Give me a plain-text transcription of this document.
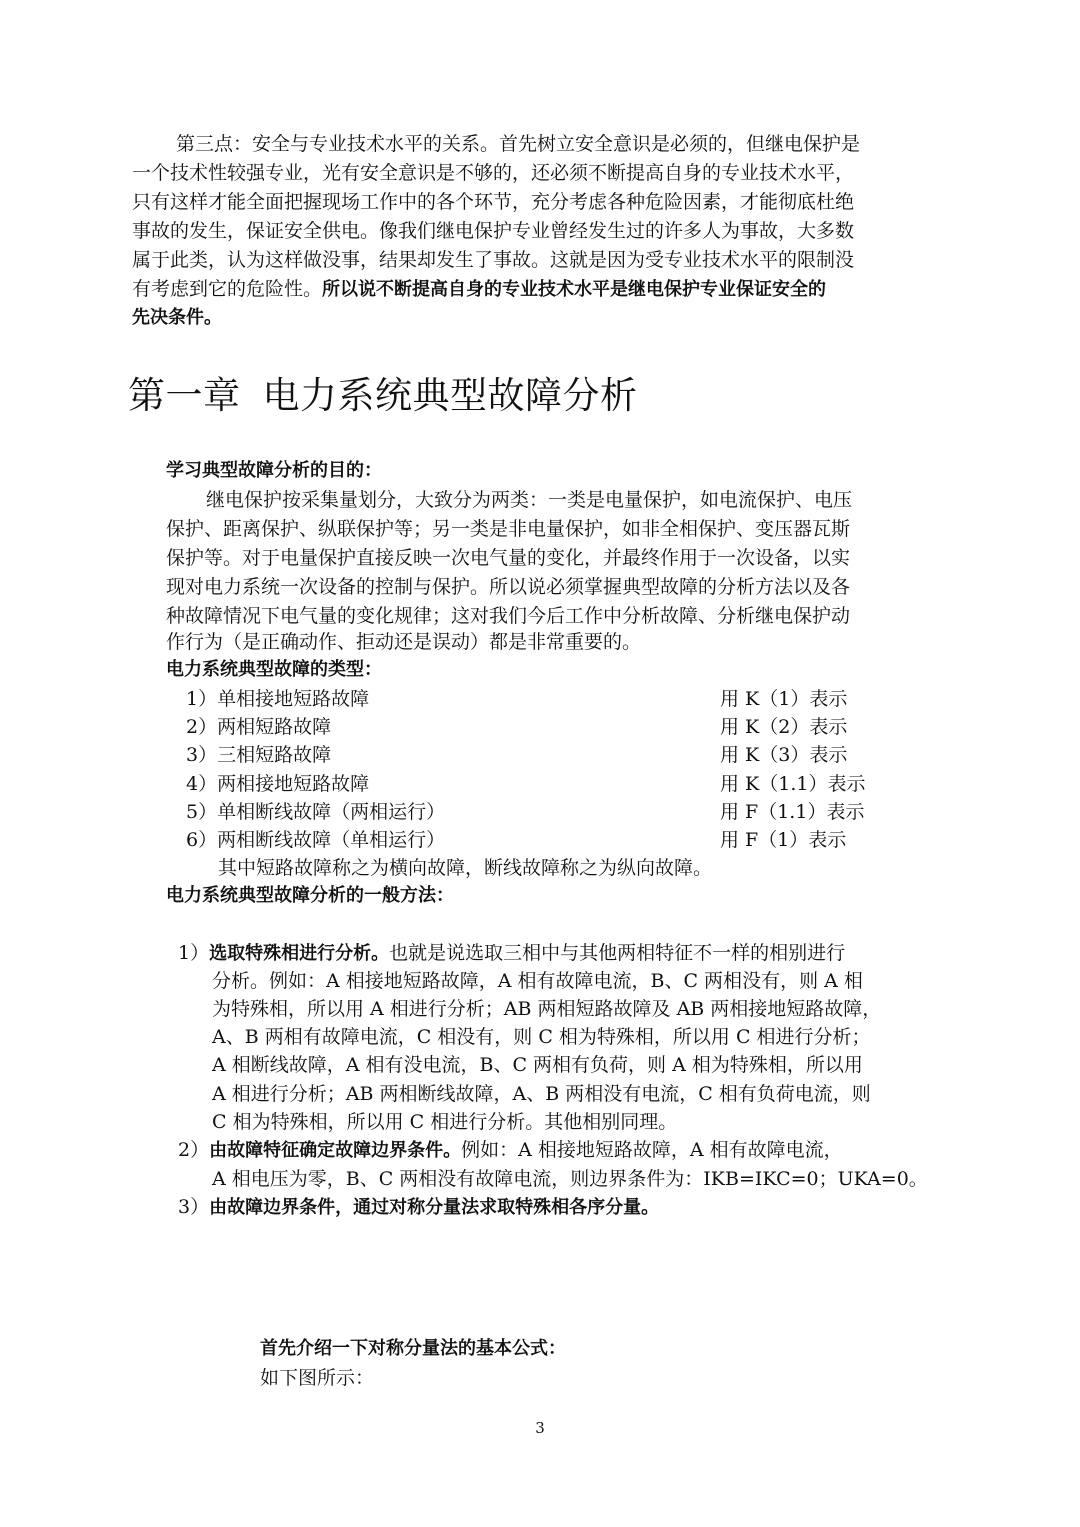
第三点：安全与专业技术水平的关系。首先树立安全意识是必须的，但继电保护是
一个技术性较强专业，光有安全意识是不够的，还必须不断提高自身的专业技术水平，
只有这样才能全面把握现场工作中的各个环节，充分考虑各种危险因素，才能彻底杜绝
事故的发生，保证安全供电。像我们继电保护专业曾经发生过的许多人为事故，大多数
属于此类，认为这样做没事，结果却发生了事故。这就是因为受专业技术水平的限制没
有考虑到它的危险性。所以说不断提高自身的专业技术水平是继电保护专业保证安全的
先决条件。
第一章 电力系统典型故障分析
学习典型故障分析的目的：
继电保护按采集量划分，大致分为两类：一类是电量保护，如电流保护、电压
保护、距离保护、纵联保护等；另一类是非电量保护，如非全相保护、变压器瓦斯
保护等。对于电量保护直接反映一次电气量的变化，并最终作用于一次设备，以实
现对电力系统一次设备的控制与保护。所以说必须掌握典型故障的分析方法以及各
种故障情况下电气量的变化规律；这对我们今后工作中分析故障、分析继电保护动
作行为（是正确动作、拒动还是误动）都是非常重要的。
电力系统典型故障的类型：
1）单相接地短路故障	用 K（1）表示
2）两相短路故障	用 K（2）表示
3）三相短路故障	用 K（3）表示
4）两相接地短路故障	用 K（1.1）表示
5）单相断线故障（两相运行）	用 F（1.1）表示
6）两相断线故障（单相运行）	用 F（1）表示
其中短路故障称之为横向故障，断线故障称之为纵向故障。
电力系统典型故障分析的一般方法：
1）选取特殊相进行分析。也就是说选取三相中与其他两相特征不一样的相别进行
分析。例如：A 相接地短路故障，A 相有故障电流，B、C 两相没有，则 A 相
为特殊相，所以用 A 相进行分析；AB 两相短路故障及 AB 两相接地短路故障，
A、B 两相有故障电流，C 相没有，则 C 相为特殊相，所以用 C 相进行分析；
A 相断线故障，A 相有没电流，B、C 两相有负荷，则 A 相为特殊相，所以用
A 相进行分析；AB 两相断线故障，A、B 两相没有电流，C 相有负荷电流，则
C 相为特殊相，所以用 C 相进行分析。其他相别同理。
2）由故障特征确定故障边界条件。例如：A 相接地短路故障，A 相有故障电流，
A 相电压为零，B、C 两相没有故障电流，则边界条件为：IKB=IKC=0；UKA=0。
3）由故障边界条件，通过对称分量法求取特殊相各序分量。
首先介绍一下对称分量法的基本公式：
如下图所示：
3
